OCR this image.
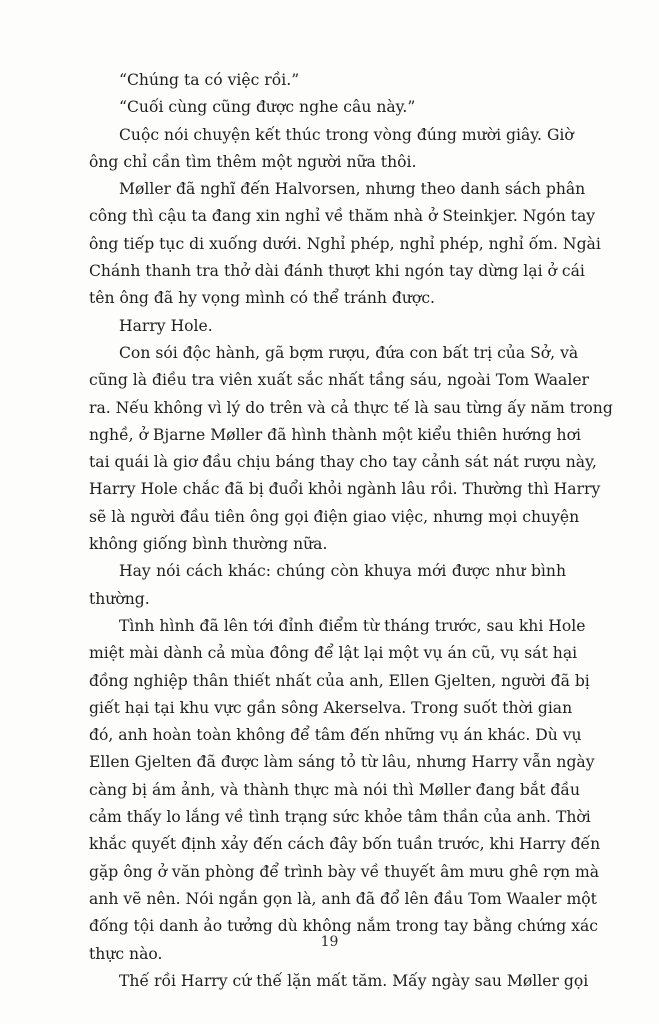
“Chúng ta có việc rồi.”
“Cuối cùng cũng được nghe câu này.”
Cuộc nói chuyện kết thúc trong vòng đúng mười giây. Giờ
ông chỉ cần tìm thêm một người nữa thôi.
Møller đã nghĩ đến Halvorsen, nhưng theo danh sách phân
công thì cậu ta đang xin nghỉ về thăm nhà ở Steinkjer. Ngón tay
ông tiếp tục di xuống dưới. Nghỉ phép, nghỉ phép, nghỉ ốm. Ngài
Chánh thanh tra thở dài đánh thượt khi ngón tay dừng lại ở cái
tên ông đã hy vọng mình có thể tránh được.
Harry Hole.
Con sói độc hành, gã bợm rượu, đứa con bất trị của Sở, và
cũng là điều tra viên xuất sắc nhất tầng sáu, ngoài Tom Waaler
ra. Nếu không vì lý do trên và cả thực tế là sau từng ấy năm trong
nghề, ở Bjarne Møller đã hình thành một kiểu thiên hướng hơi
tai quái là giơ đầu chịu báng thay cho tay cảnh sát nát rượu này,
Harry Hole chắc đã bị đuổi khỏi ngành lâu rồi. Thường thì Harry
sẽ là người đầu tiên ông gọi điện giao việc, nhưng mọi chuyện
không giống bình thường nữa.
Hay nói cách khác: chúng còn khuya mới được như bình
thường.
Tình hình đã lên tới đỉnh điểm từ tháng trước, sau khi Hole
miệt mài dành cả mùa đông để lật lại một vụ án cũ, vụ sát hại
đồng nghiệp thân thiết nhất của anh, Ellen Gjelten, người đã bị
giết hại tại khu vực gần sông Akerselva. Trong suốt thời gian
đó, anh hoàn toàn không để tâm đến những vụ án khác. Dù vụ
Ellen Gjelten đã được làm sáng tỏ từ lâu, nhưng Harry vẫn ngày
càng bị ám ảnh, và thành thực mà nói thì Møller đang bắt đầu
cảm thấy lo lắng về tình trạng sức khỏe tâm thần của anh. Thời
khắc quyết định xảy đến cách đây bốn tuần trước, khi Harry đến
gặp ông ở văn phòng để trình bày về thuyết âm mưu ghê rợn mà
anh vẽ nên. Nói ngắn gọn là, anh đã đổ lên đầu Tom Waaler một
đống tội danh ảo tưởng dù không nắm trong tay bằng chứng xác
thực nào.
Thế rồi Harry cứ thế lặn mất tăm. Mấy ngày sau Møller gọi
19
